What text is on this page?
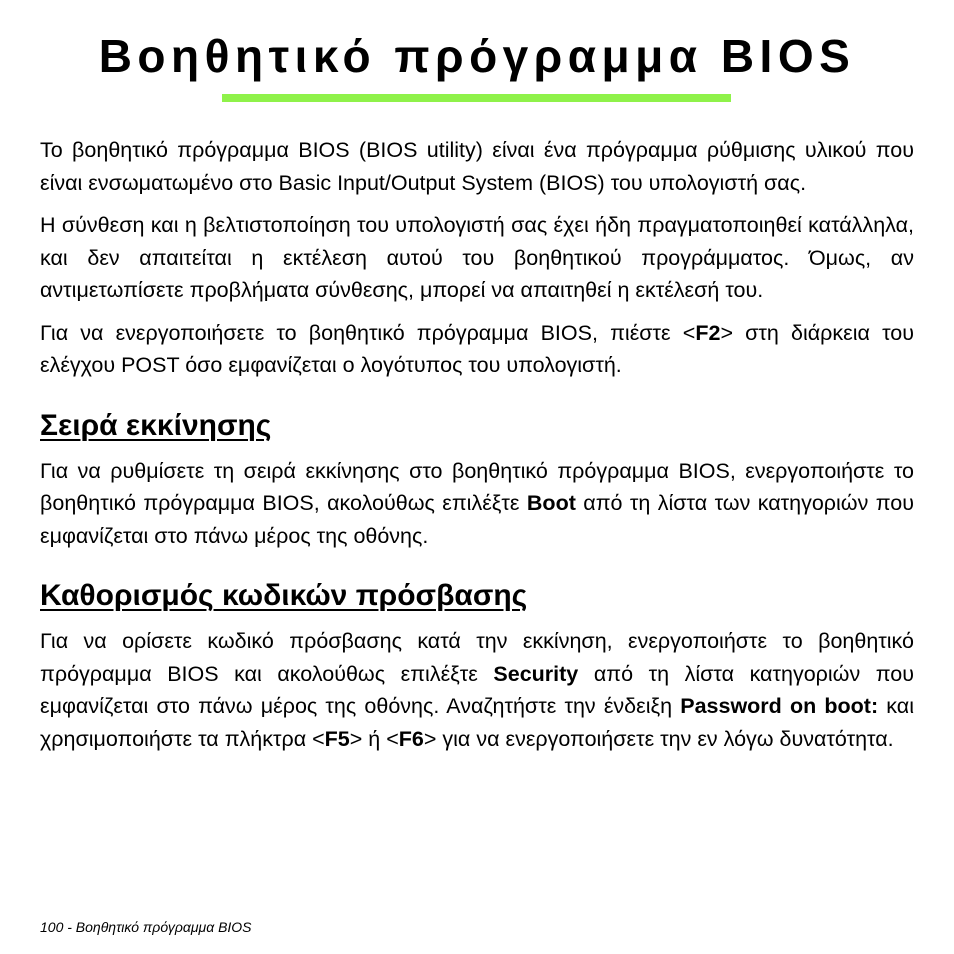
Βοηθητικό πρόγραμμα BIOS

Το βοηθητικό πρόγραμμα BIOS (BIOS utility) είναι ένα πρόγραμμα ρύθμισης υλικού που είναι ενσωματωμένο στο Basic Input/Output System (BIOS) του υπολογιστή σας.

Η σύνθεση και η βελτιστοποίηση του υπολογιστή σας έχει ήδη πραγματοποιηθεί κατάλληλα, και δεν απαιτείται η εκτέλεση αυτού του βοηθητικού προγράμματος. Όμως, αν αντιμετωπίσετε προβλήματα σύνθεσης, μπορεί να απαιτηθεί η εκτέλεσή του.

Για να ενεργοποιήσετε το βοηθητικό πρόγραμμα BIOS, πιέστε <F2> στη διάρκεια του ελέγχου POST όσο εμφανίζεται ο λογότυπος του υπολογιστή.

Σειρά εκκίνησης

Για να ρυθμίσετε τη σειρά εκκίνησης στο βοηθητικό πρόγραμμα BIOS, ενεργοποιήστε το βοηθητικό πρόγραμμα BIOS, ακολούθως επιλέξτε Boot από τη λίστα των κατηγοριών που εμφανίζεται στο πάνω μέρος της οθόνης.

Καθορισμός κωδικών πρόσβασης

Για να ορίσετε κωδικό πρόσβασης κατά την εκκίνηση, ενεργοποιήστε το βοηθητικό πρόγραμμα BIOS και ακολούθως επιλέξτε Security από τη λίστα κατηγοριών που εμφανίζεται στο πάνω μέρος της οθόνης. Αναζητήστε την ένδειξη Password on boot: και χρησιμοποιήστε τα πλήκτρα <F5> ή <F6> για να ενεργοποιήσετε την εν λόγω δυνατότητα.

100 - Βοηθητικό πρόγραμμα BIOS
